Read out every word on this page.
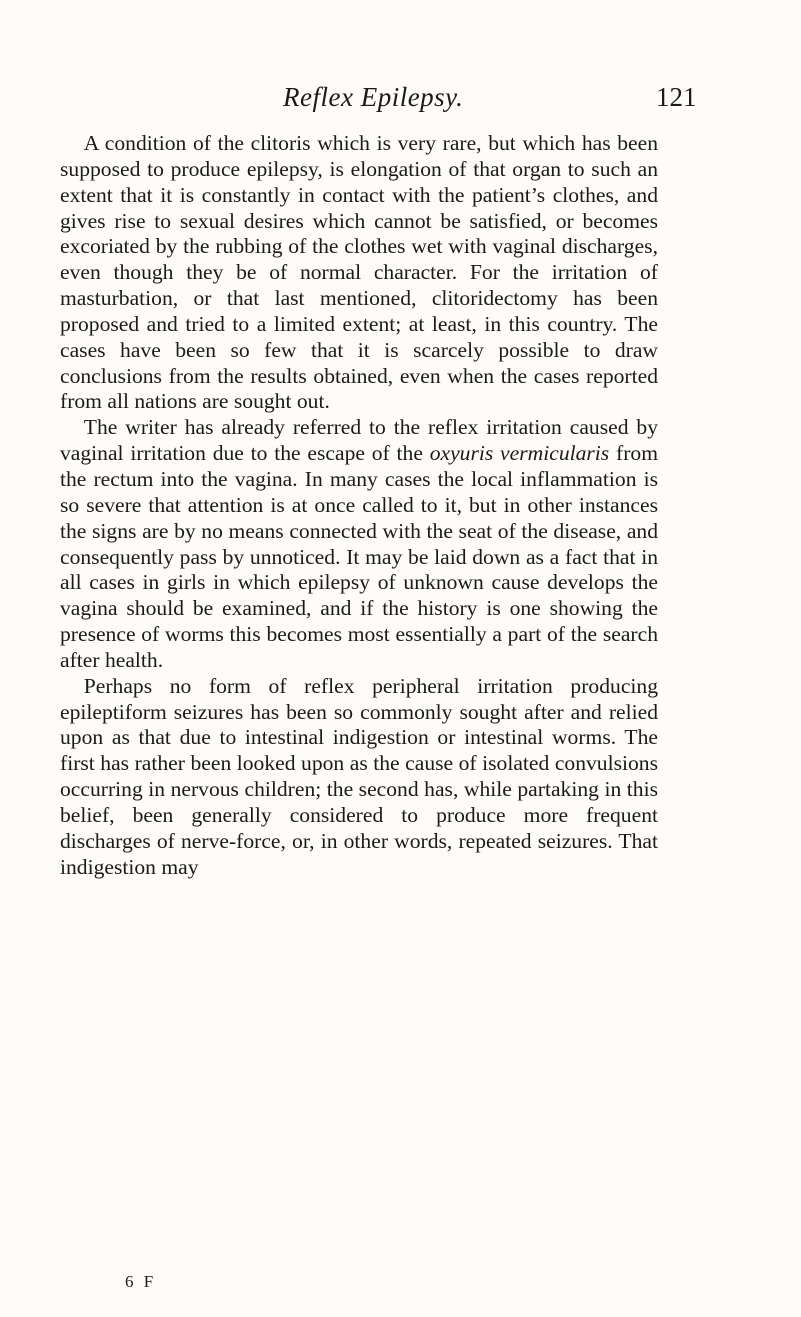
Reflex Epilepsy.	121

A condition of the clitoris which is very rare, but which has been supposed to produce epilepsy, is elongation of that organ to such an extent that it is constantly in contact with the patient’s clothes, and gives rise to sexual desires which cannot be satisfied, or becomes excoriated by the rubbing of the clothes wet with vaginal discharges, even though they be of normal character. For the irritation of masturbation, or that last mentioned, clitoridectomy has been proposed and tried to a limited extent; at least, in this country. The cases have been so few that it is scarcely possible to draw conclusions from the results obtained, even when the cases reported from all nations are sought out.

The writer has already referred to the reflex irritation caused by vaginal irritation due to the escape of the oxyuris vermicularis from the rectum into the vagina. In many cases the local inflammation is so severe that attention is at once called to it, but in other instances the signs are by no means connected with the seat of the disease, and consequently pass by unnoticed. It may be laid down as a fact that in all cases in girls in which epilepsy of unknown cause develops the vagina should be examined, and if the history is one showing the presence of worms this becomes most essentially a part of the search after health.

Perhaps no form of reflex peripheral irritation producing epileptiform seizures has been so commonly sought after and relied upon as that due to intestinal indigestion or intestinal worms. The first has rather been looked upon as the cause of isolated convulsions occurring in nervous children; the second has, while partaking in this belief, been generally considered to produce more frequent discharges of nerve-force, or, in other words, repeated seizures. That indigestion may

6 F
